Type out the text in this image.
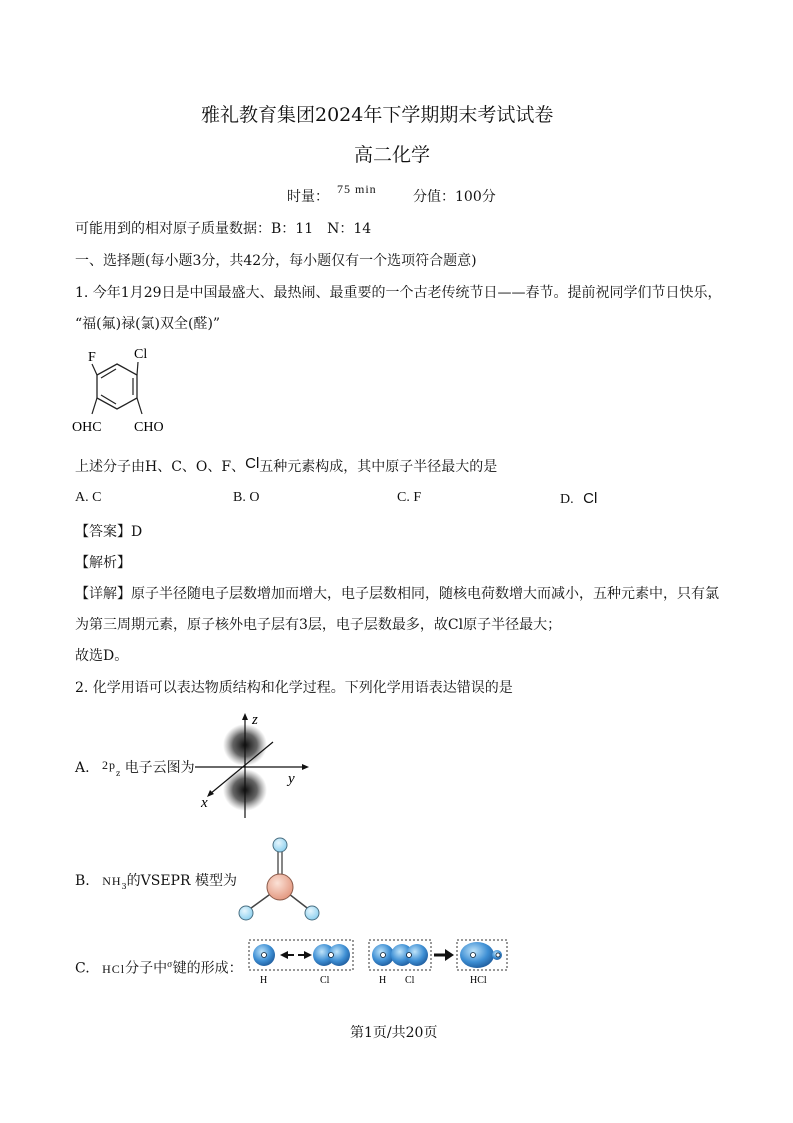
雅礼教育集团2024年下学期期末考试试卷
高二化学
时量： 75 min	分值：100分
可能用到的相对原子质量数据：B：11　N：14
一、选择题(每小题3分，共42分，每小题仅有一个选项符合题意)
1. 今年1月29日是中国最盛大、最热闹、最重要的一个古老传统节日——春节。提前祝同学们节日快乐，
“福(氟)禄(氯)双全(醛)”
F	Cl
OHC CHO
上述分子由H、C、O、F、Cl五种元素构成，其中原子半径最大的是
A. C	B. O	C. F	D. Cl
【答案】D
【解析】
【详解】原子半径随电子层数增加而增大，电子层数相同，随核电荷数增大而减小，五种元素中，只有氯
为第三周期元素，原子核外电子层有3层，电子层数最多，故Cl原子半径最大；
故选D。
2. 化学用语可以表达物质结构和化学过程。下列化学用语表达错误的是
A. $2p_z$ 电子云图为
z
y
x
B. $NH_3$的VSEPR 模型为
C. HCl分子中$^\sigma$键的形成：
H	Cl	H Cl	HCl
第1页/共20页
